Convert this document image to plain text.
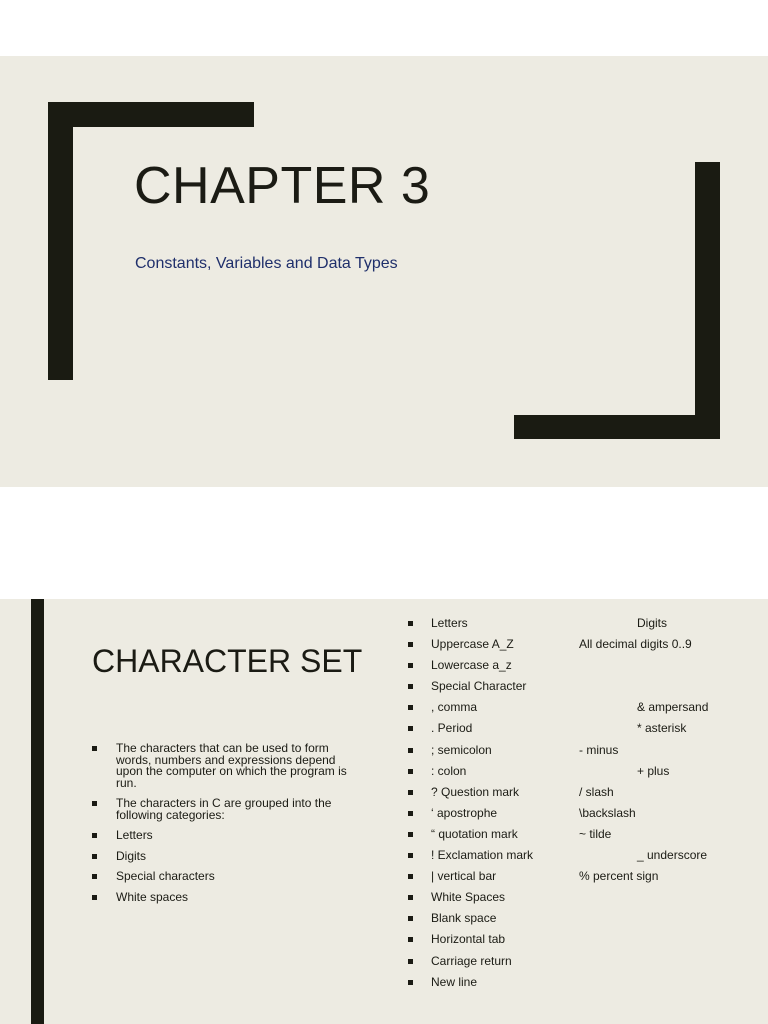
CHAPTER 3

Constants, Variables and Data Types

CHARACTER SET
The characters that can be used to form words, numbers and expressions depend upon the computer on which the program is run.
The characters in C are grouped into the following categories:
Letters
Digits
Special characters
White spaces
Letters	Digits
Uppercase A_Z	All decimal digits 0..9
Lowercase a_z
Special Character
, comma	& ampersand
. Period	* asterisk
; semicolon	- minus
: colon	+ plus
? Question mark	/ slash
‘ apostrophe	\backslash
“ quotation mark	~ tilde
! Exclamation mark	_ underscore
| vertical bar	% percent sign
White Spaces
Blank space
Horizontal tab
Carriage return
New line
